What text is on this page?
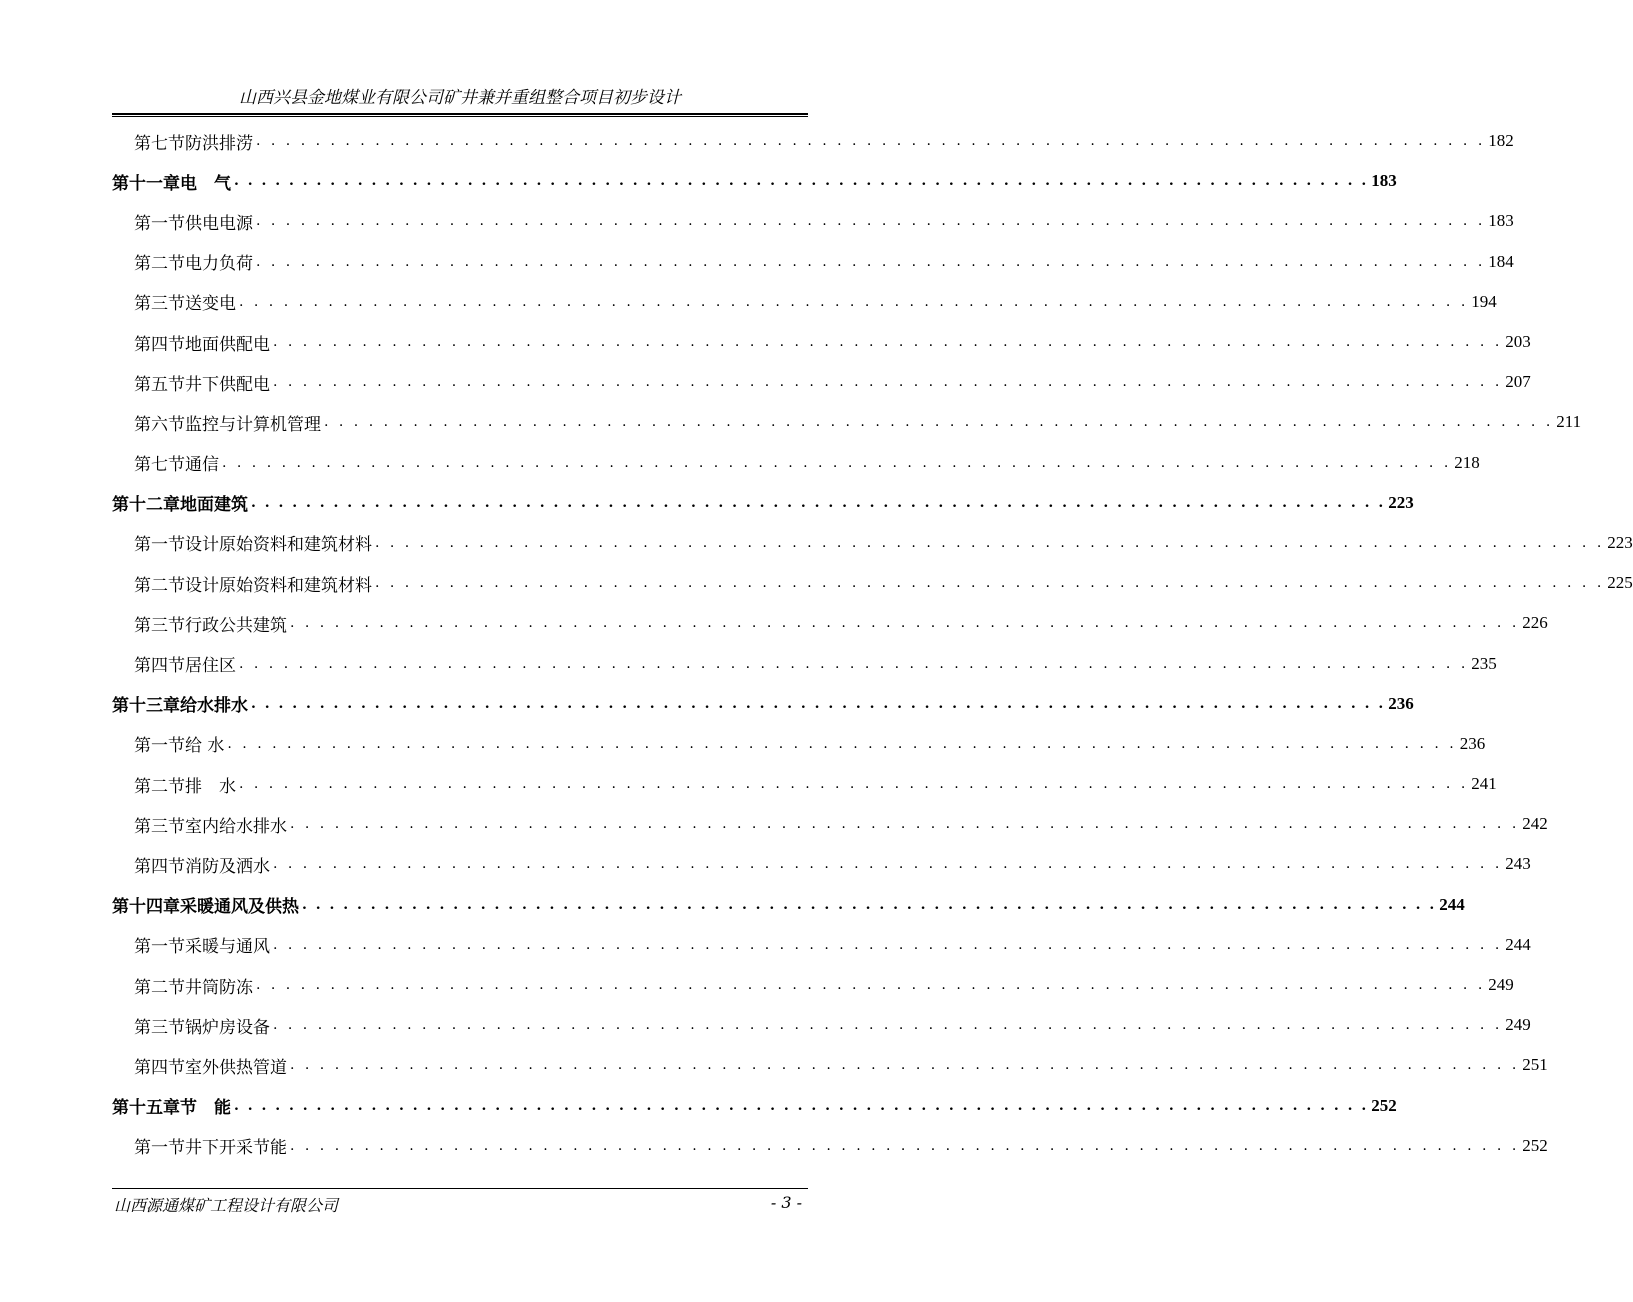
山西兴县金地煤业有限公司矿井兼并重组整合项目初步设计
第七节 防洪排涝 . . . . . . . . . . . . . . . . . . . . . . . . . . . . . . . . . . . . . . . . . . . . . . . . . . . . . . . . . . . . . . . . . . . . . . . . . . . . . . . . . . . 182
第十一章 电　气 . . . . . . . . . . . . . . . . . . . . . . . . . . . . . . . . . . . . . . . . . . . . . . . . . . . . . . . . . . . . . . . . . . . . . . . . . . . . . . . . . . . 183
第一节 供电电源 . . . . . . . . . . . . . . . . . . . . . . . . . . . . . . . . . . . . . . . . . . . . . . . . . . . . . . . . . . . . . . . . . . . . . . . . . . . . . . . . . . . 183
第二节 电力负荷 . . . . . . . . . . . . . . . . . . . . . . . . . . . . . . . . . . . . . . . . . . . . . . . . . . . . . . . . . . . . . . . . . . . . . . . . . . . . . . . . . . . 184
第三节 送变电 . . . . . . . . . . . . . . . . . . . . . . . . . . . . . . . . . . . . . . . . . . . . . . . . . . . . . . . . . . . . . . . . . . . . . . . . . . . . . . . . . . . 194
第四节 地面供配电 . . . . . . . . . . . . . . . . . . . . . . . . . . . . . . . . . . . . . . . . . . . . . . . . . . . . . . . . . . . . . . . . . . . . . . . . . . . . . . . . . . . 203
第五节 井下供配电 . . . . . . . . . . . . . . . . . . . . . . . . . . . . . . . . . . . . . . . . . . . . . . . . . . . . . . . . . . . . . . . . . . . . . . . . . . . . . . . . . . . 207
第六节 监控与计算机管理 . . . . . . . . . . . . . . . . . . . . . . . . . . . . . . . . . . . . . . . . . . . . . . . . . . . . . . . . . . . . . . . . . . . . . . . . . . . . . . . . . . . 211
第七节 通信 . . . . . . . . . . . . . . . . . . . . . . . . . . . . . . . . . . . . . . . . . . . . . . . . . . . . . . . . . . . . . . . . . . . . . . . . . . . . . . . . . . . 218
第十二章 地面建筑 . . . . . . . . . . . . . . . . . . . . . . . . . . . . . . . . . . . . . . . . . . . . . . . . . . . . . . . . . . . . . . . . . . . . . . . . . . . . . . . . . . . 223
第一节 设计原始资料和建筑材料 . . . . . . . . . . . . . . . . . . . . . . . . . . . . . . . . . . . . . . . . . . . . . . . . . . . . . . . . . . . . . . . . . . . . . . . . . . . . . . . . . . . 223
第二节 设计原始资料和建筑材料 . . . . . . . . . . . . . . . . . . . . . . . . . . . . . . . . . . . . . . . . . . . . . . . . . . . . . . . . . . . . . . . . . . . . . . . . . . . . . . . . . . . 225
第三节 行政公共建筑 . . . . . . . . . . . . . . . . . . . . . . . . . . . . . . . . . . . . . . . . . . . . . . . . . . . . . . . . . . . . . . . . . . . . . . . . . . . . . . . . . . . 226
第四节 居住区 . . . . . . . . . . . . . . . . . . . . . . . . . . . . . . . . . . . . . . . . . . . . . . . . . . . . . . . . . . . . . . . . . . . . . . . . . . . . . . . . . . . 235
第十三章 给水排水 . . . . . . . . . . . . . . . . . . . . . . . . . . . . . . . . . . . . . . . . . . . . . . . . . . . . . . . . . . . . . . . . . . . . . . . . . . . . . . . . . . . 236
第一节 给 水 . . . . . . . . . . . . . . . . . . . . . . . . . . . . . . . . . . . . . . . . . . . . . . . . . . . . . . . . . . . . . . . . . . . . . . . . . . . . . . . . . . . 236
第二节 排　水 . . . . . . . . . . . . . . . . . . . . . . . . . . . . . . . . . . . . . . . . . . . . . . . . . . . . . . . . . . . . . . . . . . . . . . . . . . . . . . . . . . . 241
第三节 室内给水排水 . . . . . . . . . . . . . . . . . . . . . . . . . . . . . . . . . . . . . . . . . . . . . . . . . . . . . . . . . . . . . . . . . . . . . . . . . . . . . . . . . . . 242
第四节 消防及洒水 . . . . . . . . . . . . . . . . . . . . . . . . . . . . . . . . . . . . . . . . . . . . . . . . . . . . . . . . . . . . . . . . . . . . . . . . . . . . . . . . . . . 243
第十四章 采暖通风及供热 . . . . . . . . . . . . . . . . . . . . . . . . . . . . . . . . . . . . . . . . . . . . . . . . . . . . . . . . . . . . . . . . . . . . . . . . . . . . . . . . . . . 244
第一节 采暖与通风 . . . . . . . . . . . . . . . . . . . . . . . . . . . . . . . . . . . . . . . . . . . . . . . . . . . . . . . . . . . . . . . . . . . . . . . . . . . . . . . . . . . 244
第二节 井筒防冻 . . . . . . . . . . . . . . . . . . . . . . . . . . . . . . . . . . . . . . . . . . . . . . . . . . . . . . . . . . . . . . . . . . . . . . . . . . . . . . . . . . . 249
第三节 锅炉房设备 . . . . . . . . . . . . . . . . . . . . . . . . . . . . . . . . . . . . . . . . . . . . . . . . . . . . . . . . . . . . . . . . . . . . . . . . . . . . . . . . . . . 249
第四节 室外供热管道 . . . . . . . . . . . . . . . . . . . . . . . . . . . . . . . . . . . . . . . . . . . . . . . . . . . . . . . . . . . . . . . . . . . . . . . . . . . . . . . . . . . 251
第十五章 节　能 . . . . . . . . . . . . . . . . . . . . . . . . . . . . . . . . . . . . . . . . . . . . . . . . . . . . . . . . . . . . . . . . . . . . . . . . . . . . . . . . . . . 252
第一节 井下开采节能 . . . . . . . . . . . . . . . . . . . . . . . . . . . . . . . . . . . . . . . . . . . . . . . . . . . . . . . . . . . . . . . . . . . . . . . . . . . . . . . . . . . 252
山西源通煤矿工程设计有限公司	- 3 -
